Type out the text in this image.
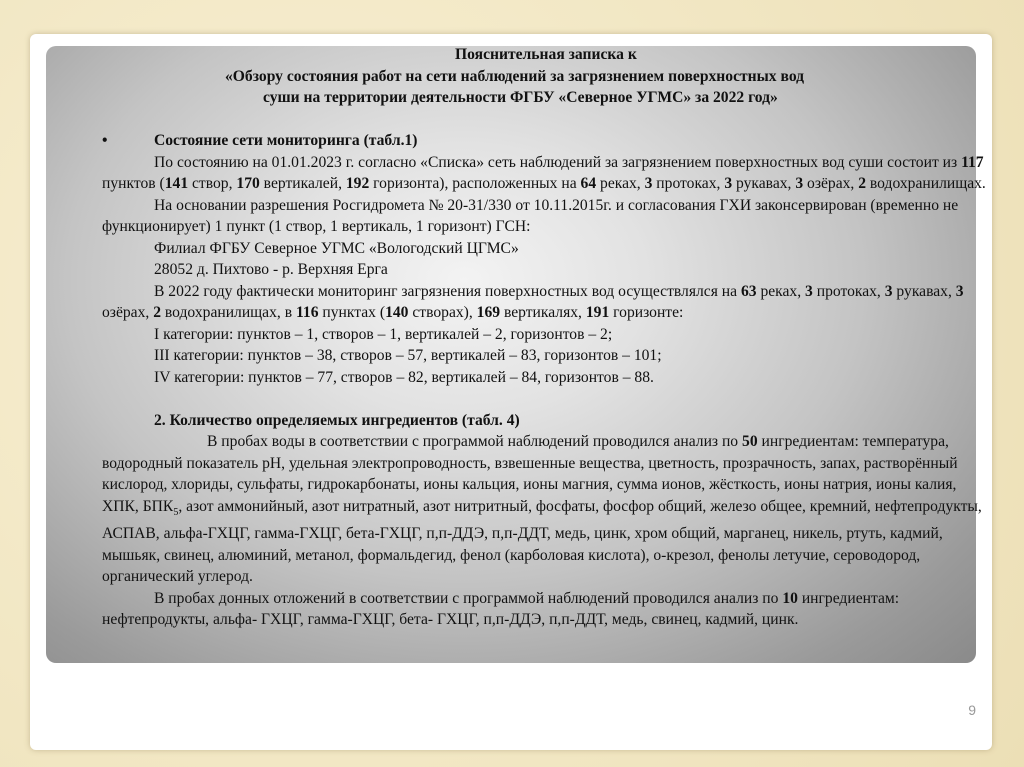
Пояснительная записка к
«Обзору состояния работ на сети наблюдений за загрязнением поверхностных вод
суши на территории деятельности ФГБУ «Северное УГМС» за 2022 год»
•	Состояние сети мониторинга (табл.1)

По состоянию на 01.01.2023 г. согласно «Списка» сеть наблюдений за загрязнением поверхностных вод суши состоит из 117 пунктов (141 створ, 170 вертикалей, 192 горизонта), расположенных на 64 реках, 3 протоках, 3 рукавах, 3 озёрах, 2 водохранилищах.

На основании разрешения Росгидромета № 20-31/330 от 10.11.2015г. и согласования ГХИ законсервирован (временно не функционирует) 1 пункт (1 створ, 1 вертикаль, 1 горизонт) ГСН:

Филиал ФГБУ Северное УГМС «Вологодский ЦГМС»

28052 д. Пихтово - р. Верхняя Ерга

В 2022 году фактически мониторинг загрязнения поверхностных вод осуществлялся на 63 реках, 3 протоках, 3 рукавах, 3 озёрах, 2 водохранилищах, в 116 пунктах (140 створах), 169 вертикалях, 191 горизонте:

I категории: пунктов – 1, створов – 1, вертикалей – 2, горизонтов – 2;

III категории: пунктов – 38, створов – 57, вертикалей – 83, горизонтов – 101;

IV категории: пунктов – 77, створов – 82, вертикалей – 84, горизонтов – 88.

2. Количество определяемых ингредиентов (табл. 4)

В пробах воды в соответствии с программой наблюдений проводился анализ по 50 ингредиентам: температура, водородный показатель pH, удельная электропроводность, взвешенные вещества, цветность, прозрачность, запах, растворённый кислород, хлориды, сульфаты, гидрокарбонаты, ионы кальция, ионы магния, сумма ионов, жёсткость, ионы натрия, ионы калия, ХПК, $БПК_5$, азот аммонийный, азот нитратный, азот нитритный, фосфаты, фосфор общий, железо общее, кремний, нефтепродукты, АСПАВ, альфа-ГХЦГ, гамма-ГХЦГ, бета-ГХЦГ, п,п-ДДЭ, п,п-ДДТ, медь, цинк, хром общий, марганец, никель, ртуть, кадмий, мышьяк, свинец, алюминий, метанол, формальдегид, фенол (карболовая кислота), о-крезол, фенолы летучие, сероводород, органический углерод.

В пробах донных отложений в соответствии с программой наблюдений проводился анализ по 10 ингредиентам: нефтепродукты, альфа- ГХЦГ, гамма-ГХЦГ, бета- ГХЦГ, п,п-ДДЭ, п,п-ДДТ, медь, свинец, кадмий, цинк.

9
